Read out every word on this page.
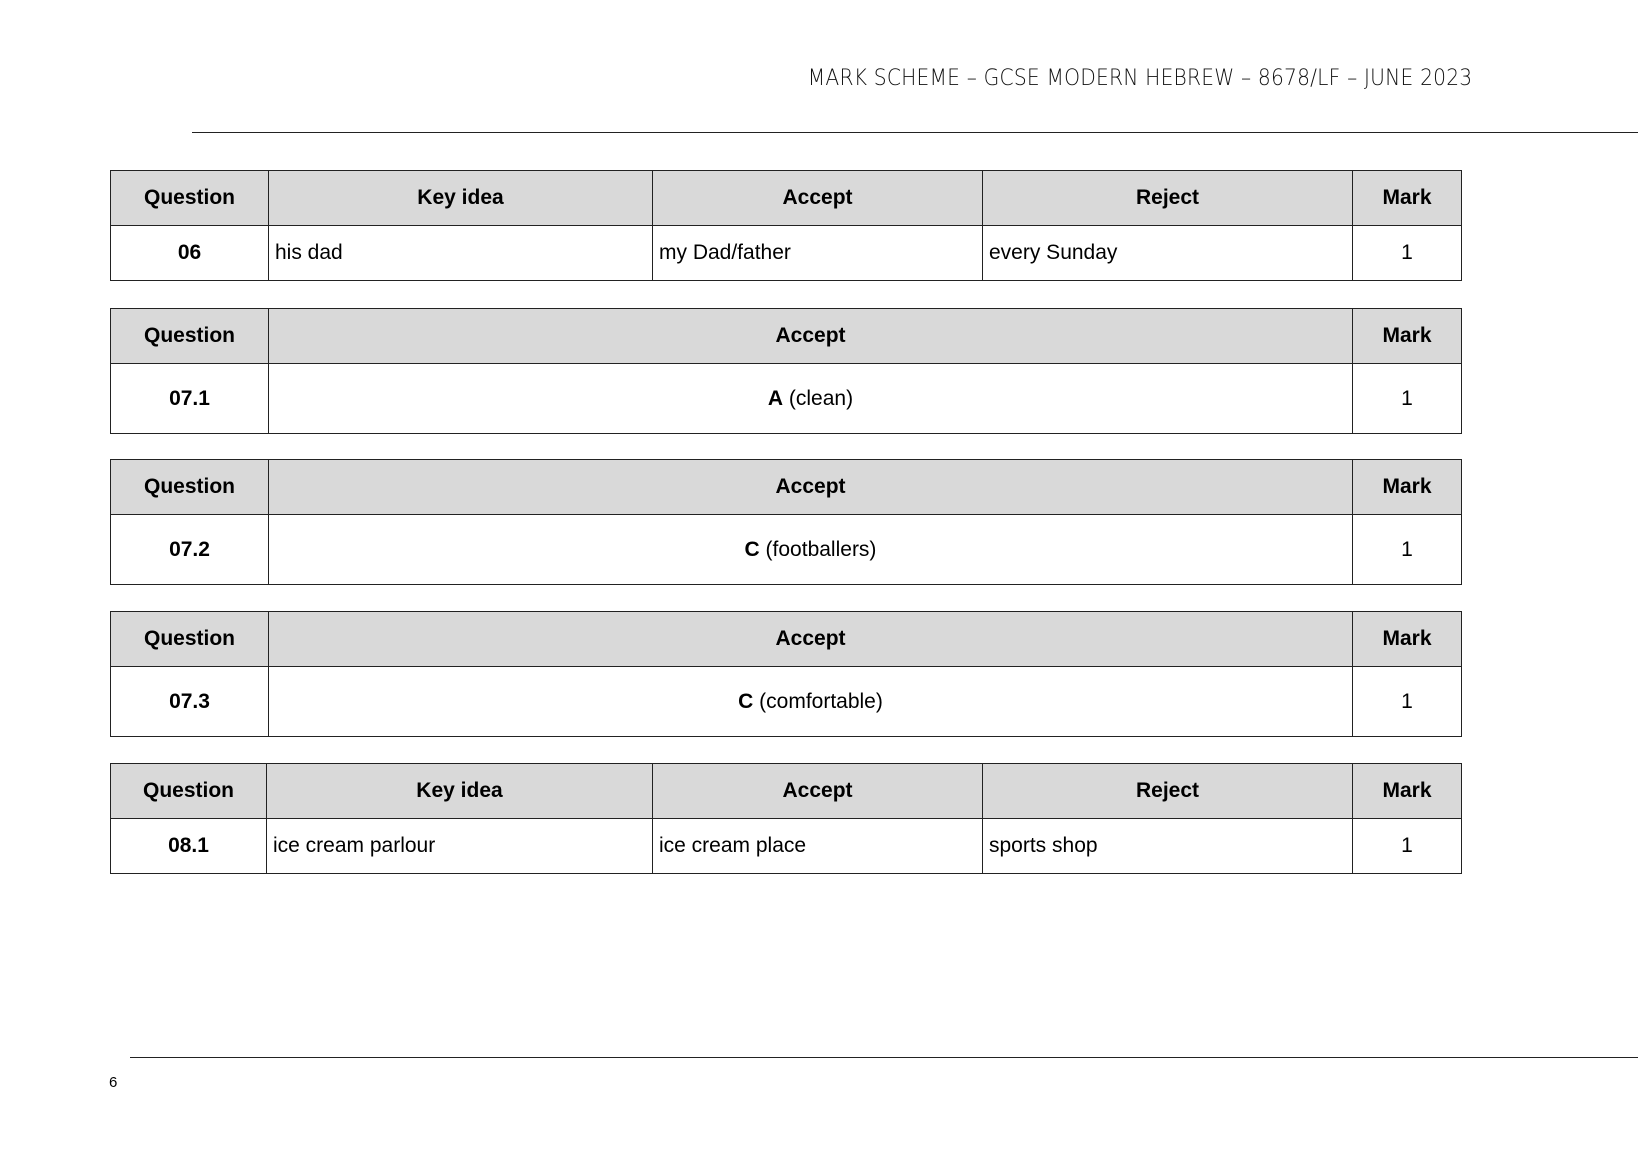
MARK SCHEME – GCSE MODERN HEBREW – 8678/LF – JUNE 2023
Question	Key idea	Accept	Reject	Mark
06	his dad	my Dad/father	every Sunday	1
Question	Accept	Mark
07.1	A (clean)	1
Question	Accept	Mark
07.2	C (footballers)	1
Question	Accept	Mark
07.3	C (comfortable)	1
Question	Key idea	Accept	Reject	Mark
08.1	ice cream parlour	ice cream place	sports shop	1
6
